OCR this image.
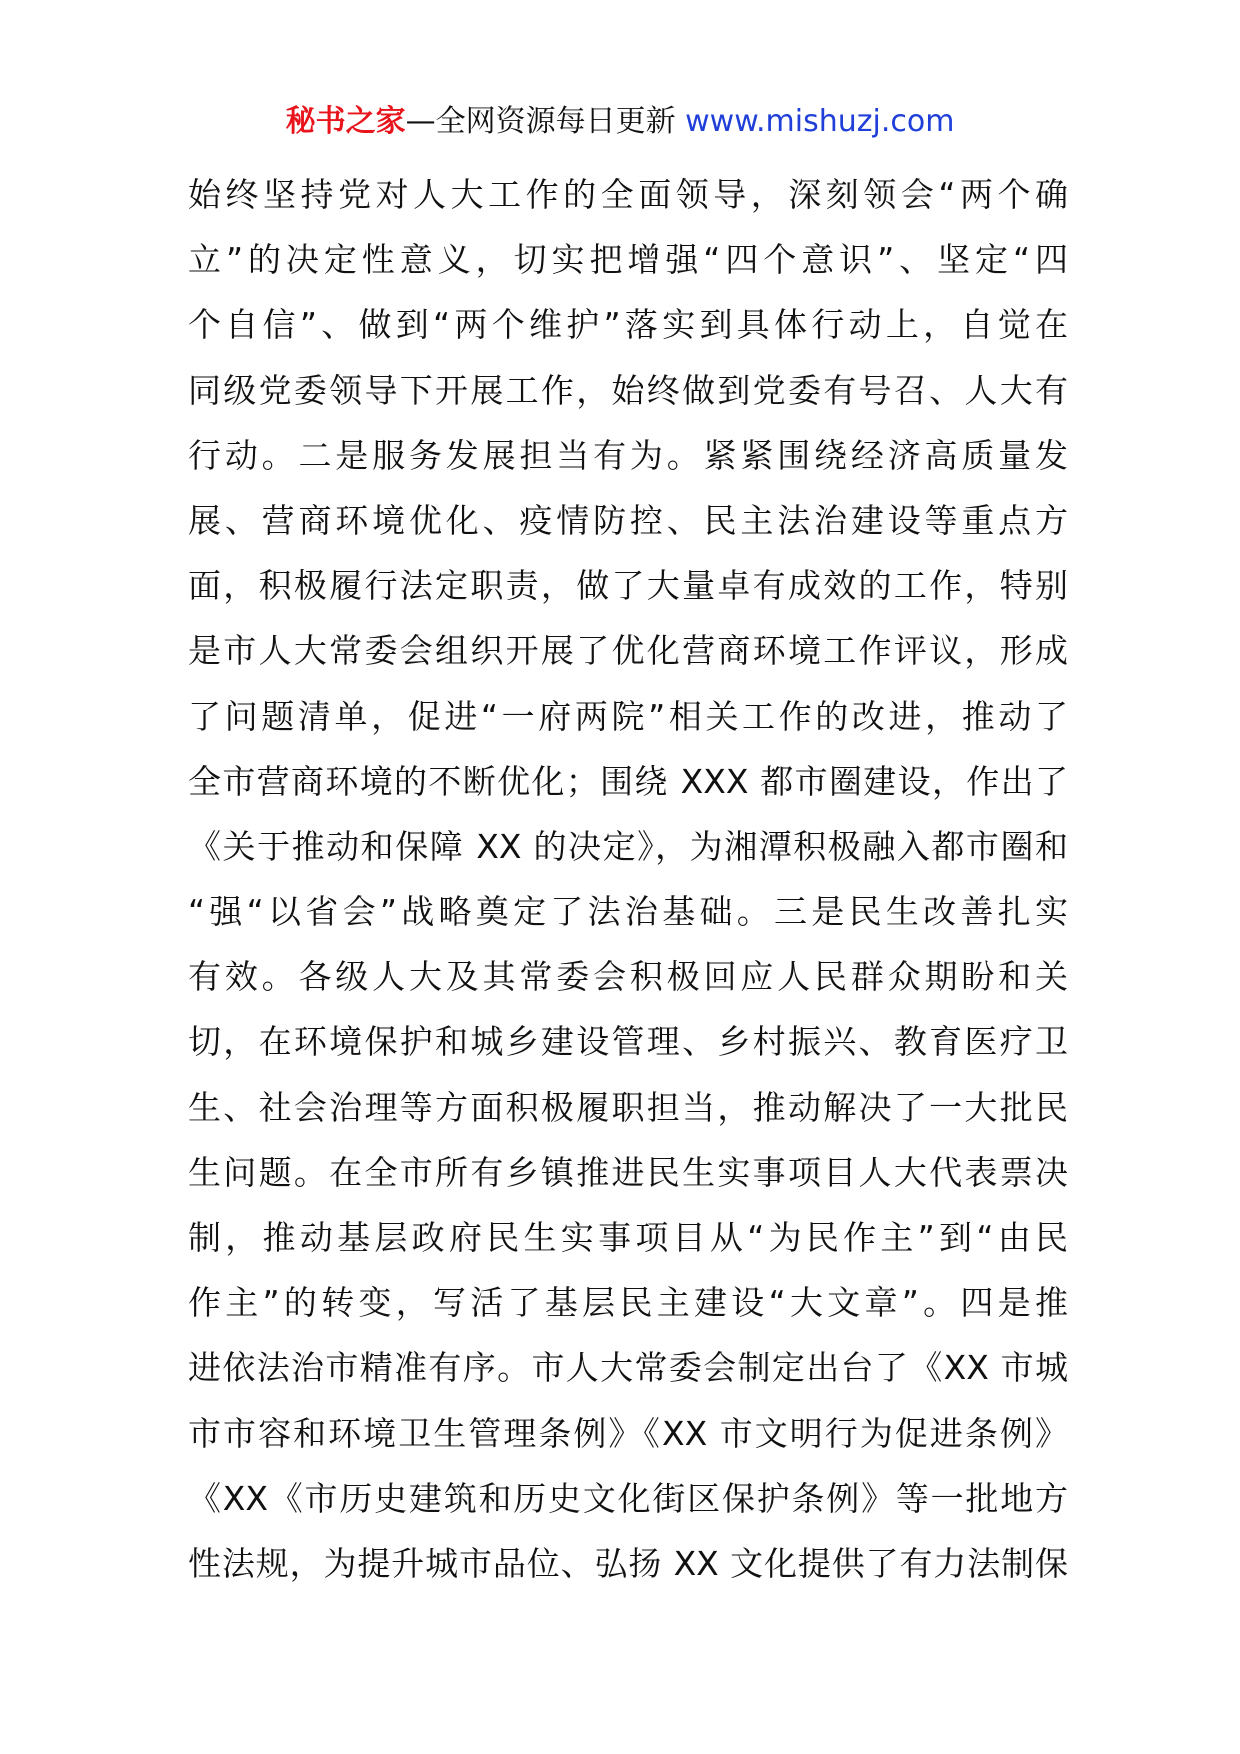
秘书之家—全网资源每日更新 www.mishuzj.com
始终坚持党对人大工作的全面领导，深刻领会“两个确
立”的决定性意义，切实把增强“四个意识”、坚定“四
个自信”、做到“两个维护”落实到具体行动上，自觉在
同级党委领导下开展工作，始终做到党委有号召、人大有
行动。二是服务发展担当有为。紧紧围绕经济高质量发
展、营商环境优化、疫情防控、民主法治建设等重点方
面，积极履行法定职责，做了大量卓有成效的工作，特别
是市人大常委会组织开展了优化营商环境工作评议，形成
了问题清单，促进“一府两院”相关工作的改进，推动了
全市营商环境的不断优化；围绕 XXX 都市圈建设，作出了
《关于推动和保障 XX 的决定》，为湘潭积极融入都市圈和
“强“以省会”战略奠定了法治基础。三是民生改善扎实
有效。各级人大及其常委会积极回应人民群众期盼和关
切，在环境保护和城乡建设管理、乡村振兴、教育医疗卫
生、社会治理等方面积极履职担当，推动解决了一大批民
生问题。在全市所有乡镇推进民生实事项目人大代表票决
制，推动基层政府民生实事项目从“为民作主”到“由民
作主”的转变，写活了基层民主建设“大文章”。四是推
进依法治市精准有序。市人大常委会制定出台了《XX 市城
市市容和环境卫生管理条例》《XX 市文明行为促进条例》
《XX《市历史建筑和历史文化街区保护条例》等一批地方
性法规，为提升城市品位、弘扬 XX 文化提供了有力法制保
